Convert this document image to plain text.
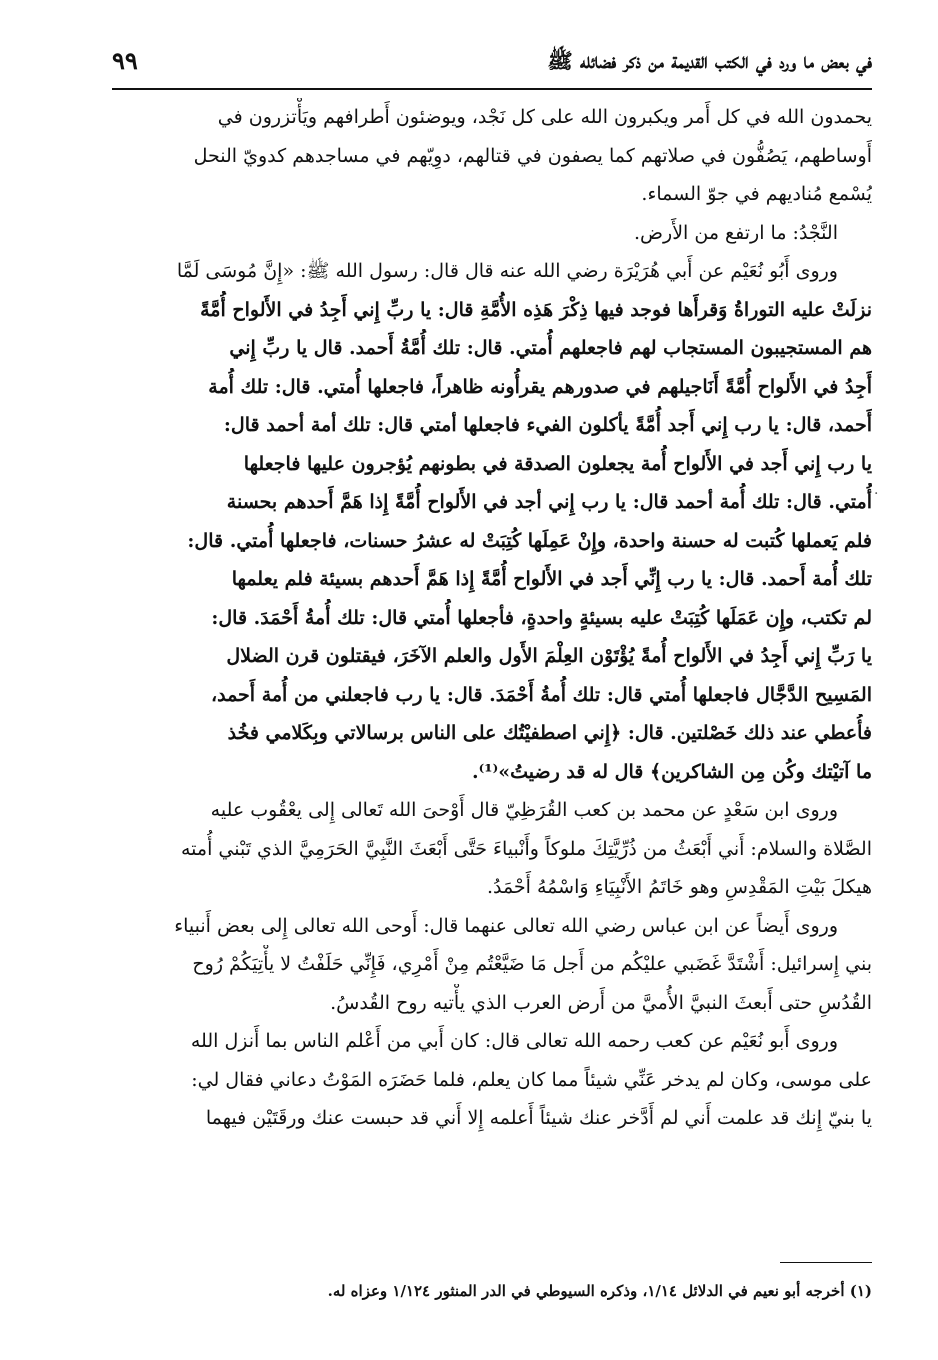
في بعض ما ورد في الكتب القديمة من ذكر فضائله ﷺ
٩٩
يحمدون الله في كل أَمر ويكبرون الله على كل نَجْد، ويوضئون أَطرافهم ويَأْتزرون في
أَوساطهم، يَصُفُّون في صلاتهم كما يصفون في قتالهم، دوِيّهم في مساجدهم كدويّ النحل
يُسْمع مُناديهم في جوّ السماء.
النَّجْدُ: ما ارتفع من الأَرض.
وروى أَبُو نُعَيْم عن أَبي هُرَيْرَة رضي الله عنه قال قال: رسول الله ﷺ: «إِنَّ مُوسَى لَمَّا
نزلَتْ عليه التوراةُ وَقرأَها فوجد فيها ذِكْرَ هَذِه الأُمَّةِ قال: يا ربِّ إِني أَجِدُ في الأَلواح أُمَّةً
هم المستجيبون المستجاب لهم فاجعلهم أُمتي. قال: تلك أُمَّةُ أَحمد. قال يا ربِّ إِني
أَجِدُ في الأَلواح أُمَّةً أَنَاجيلهم في صدورهم يقرأُونه ظاهراً، فاجعلها أُمتي. قال: تلك أُمة
أَحمد، قال: يا رب إِني أَجد أُمَّةً يأكلون الفيء فاجعلها أمتي قال: تلك أمة أحمد قال:
يا رب إِني أَجد في الأَلواح أُمة يجعلون الصدقة في بطونهم يُؤجرون عليها فاجعلها
أُمتي. قال: تلك أُمة أحمد قال: يا رب إِني أجد في الأَلواح أُمَّةً إِذا هَمَّ أَحدهم بحسنة
فلم يَعملها كُتبت له حسنة واحدة، وإِنْ عَمِلَها كُتِبَتْ له عشرُ حسنات، فاجعلها أُمتي. قال:
تلك أُمة أَحمد. قال: يا رب إِنِّي أَجد في الأَلواح أُمَّةً إِذا هَمَّ أَحدهم بسيئة فلم يعلمها
لم تكتب، وإِن عَمَلَها كُتِبَتْ عليه بسيئةٍ واحدةٍ، فأجعلها أُمتي قال: تلك أُمةُ أَحْمَدَ. قال:
يا رَبِّ إِني أَجِدُ في الأَلواح أُمةً يُؤْتَوْن العِلْمَ الأَول والعلم الآخَرَ، فيقتلون قرن الضلال
المَسِيح الدَّجَّال فاجعلها أُمتي قال: تلك أُمةُ أَحْمَدَ. قال: يا رب فاجعلني من أُمة أَحمد،
فأُعطي عند ذلك خَصْلتين. قال: ﴿إِني اصطفيْتُك على الناس برسالاتي وبِكَلامي فخُذ
ما آتيْتك وكُن مِن الشاكرين﴾ قال له قد رضيتُ»⁽¹⁾.
وروى ابن سَعْدٍ عن محمد بن كعب القُرَظِيّ قال أَوْحىَ الله تَعالى إِلى يعْقُوب عليه
الصَّلاة والسلام: أَني أَبْعَثُ من ذُرِّيَّتِكَ ملوكاً وأَنْبياءَ حَتَّى أَبْعَثَ النَّبِيَّ الحَرَمِيَّ الذي تَبْني أُمته
هيكلَ بَيْتِ المَقْدِسِ وهو خَاتَمُ الأَنْبِيَاءِ وَاسْمُهُ أَحْمَدُ.
وروى أَيضاً عن ابن عباس رضي الله تعالى عنهما قال: أَوحى الله تعالى إِلى بعض أَنبياء
بني إِسرائيل: أَشْتَدَّ غَضَبي عليْكُم من أَجل مَا ضَيَّعْتُم مِنْ أَمْرِي، فَإِنِّي حَلَفْتُ لا يأْتِيَكُمْ رُوح
القُدُسِ حتى أَبعثَ النبيَّ الأُميَّ من أَرض العرب الذي يأْتيه روح القُدسُ.
وروى أَبو نُعَيْم عن كعب رحمه الله تعالى قال: كان أَبي من أَعْلم الناس بما أَنزل الله
على موسى، وكان لم يدخر عَنِّي شيئاً مما كان يعلم، فلما حَضَرَه المَوْتُ دعاني فقال لي:
يا بنيّ إِنك قد علمت أَني لم أَدَّخر عنك شيئاً أَعلمه إِلا أَني قد حبست عنك ورقَتَيْن فيهما
·
(١) أخرجه أبو نعيم في الدلائل ١/١٤، وذكره السيوطي في الدر المنثور ١/١٢٤ وعزاه له.
